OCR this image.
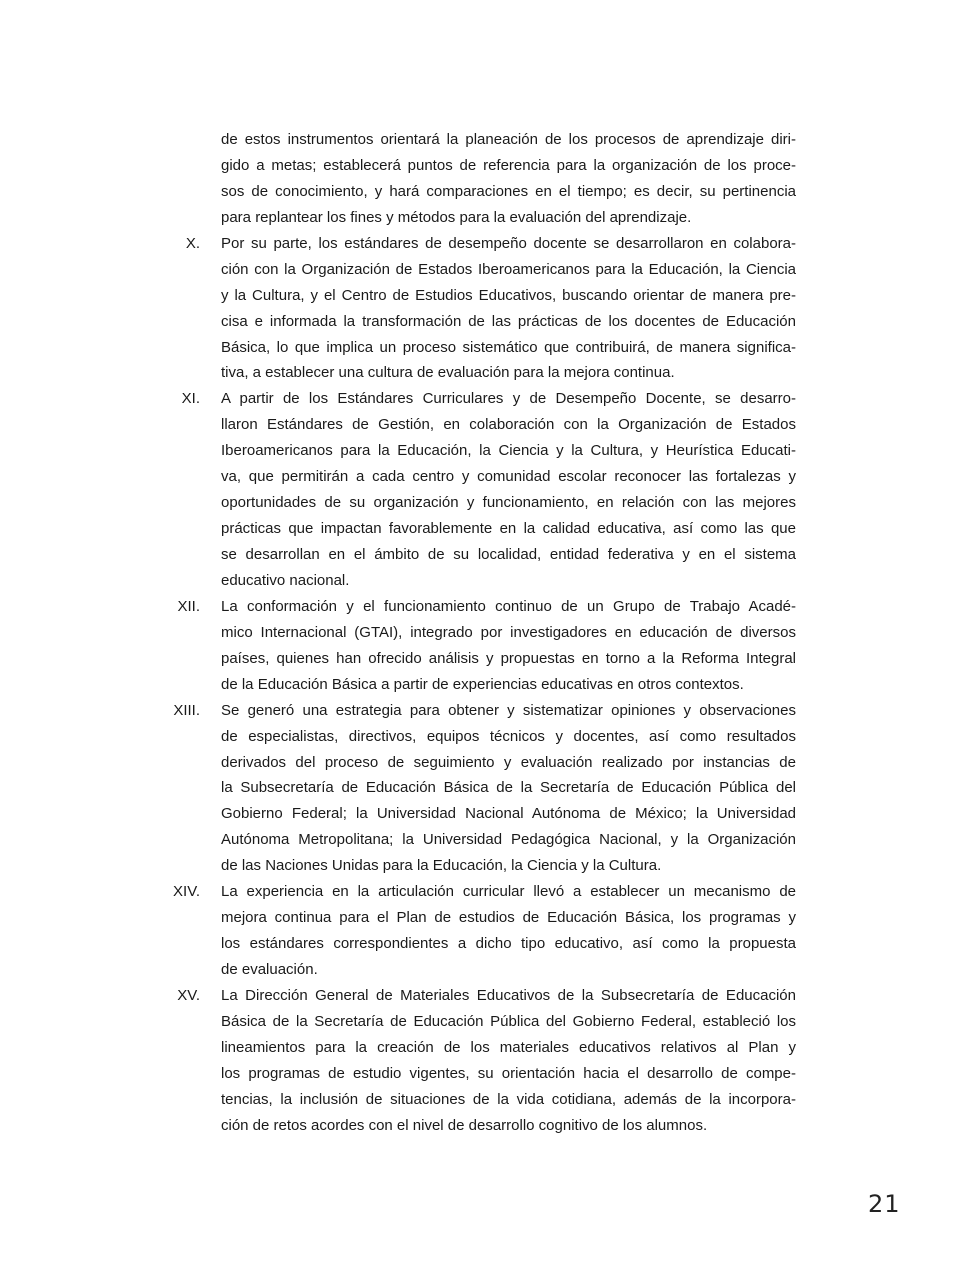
de estos instrumentos orientará la planeación de los procesos de aprendizaje diri-
gido a metas; establecerá puntos de referencia para la organización de los proce-
sos de conocimiento, y hará comparaciones en el tiempo; es decir, su pertinencia
para replantear los fines y métodos para la evaluación del aprendizaje.
X. Por su parte, los estándares de desempeño docente se desarrollaron en colabora-
ción con la Organización de Estados Iberoamericanos para la Educación, la Ciencia
y la Cultura, y el Centro de Estudios Educativos, buscando orientar de manera pre-
cisa e informada la transformación de las prácticas de los docentes de Educación
Básica, lo que implica un proceso sistemático que contribuirá, de manera significa-
tiva, a establecer una cultura de evaluación para la mejora continua.
XI. A partir de los Estándares Curriculares y de Desempeño Docente, se desarro-
llaron Estándares de Gestión, en colaboración con la Organización de Estados
Iberoamericanos para la Educación, la Ciencia y la Cultura, y Heurística Educati-
va, que permitirán a cada centro y comunidad escolar reconocer las fortalezas y
oportunidades de su organización y funcionamiento, en relación con las mejores
prácticas que impactan favorablemente en la calidad educativa, así como las que
se desarrollan en el ámbito de su localidad, entidad federativa y en el sistema
educativo nacional.
XII. La conformación y el funcionamiento continuo de un Grupo de Trabajo Acadé-
mico Internacional (GTAI), integrado por investigadores en educación de diversos
países, quienes han ofrecido análisis y propuestas en torno a la Reforma Integral
de la Educación Básica a partir de experiencias educativas en otros contextos.
XIII. Se generó una estrategia para obtener y sistematizar opiniones y observaciones
de especialistas, directivos, equipos técnicos y docentes, así como resultados
derivados del proceso de seguimiento y evaluación realizado por instancias de
la Subsecretaría de Educación Básica de la Secretaría de Educación Pública del
Gobierno Federal; la Universidad Nacional Autónoma de México; la Universidad
Autónoma Metropolitana; la Universidad Pedagógica Nacional, y la Organización
de las Naciones Unidas para la Educación, la Ciencia y la Cultura.
XIV. La experiencia en la articulación curricular llevó a establecer un mecanismo de
mejora continua para el Plan de estudios de Educación Básica, los programas y
los estándares correspondientes a dicho tipo educativo, así como la propuesta
de evaluación.
XV. La Dirección General de Materiales Educativos de la Subsecretaría de Educación
Básica de la Secretaría de Educación Pública del Gobierno Federal, estableció los
lineamientos para la creación de los materiales educativos relativos al Plan y
los programas de estudio vigentes, su orientación hacia el desarrollo de compe-
tencias, la inclusión de situaciones de la vida cotidiana, además de la incorpora-
ción de retos acordes con el nivel de desarrollo cognitivo de los alumnos.
21
